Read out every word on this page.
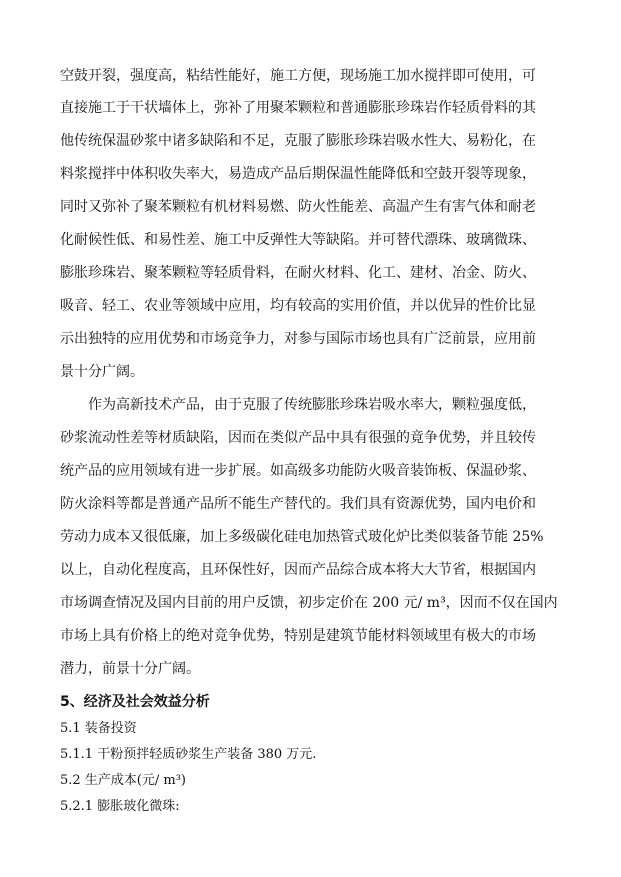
空鼓开裂，强度高，粘结性能好，施工方便，现场施工加水搅拌即可使用，可
直接施工于干状墙体上，弥补了用聚苯颗粒和普通膨胀珍珠岩作轻质骨料的其
他传统保温砂浆中诸多缺陷和不足，克服了膨胀珍珠岩吸水性大、易粉化，在
料浆搅拌中体积收失率大，易造成产品后期保温性能降低和空鼓开裂等现象，
同时又弥补了聚苯颗粒有机材料易燃、防火性能差、高温产生有害气体和耐老
化耐候性低、和易性差、施工中反弹性大等缺陷。并可替代漂珠、玻璃微珠、
膨胀珍珠岩、聚苯颗粒等轻质骨料，在耐火材料、化工、建材、冶金、防火、
吸音、轻工、农业等领域中应用，均有较高的实用价值，并以优异的性价比显
示出独特的应用优势和市场竞争力，对参与国际市场也具有广泛前景，应用前
景十分广阔。
作为高新技术产品，由于克服了传统膨胀珍珠岩吸水率大，颗粒强度低，
砂浆流动性差等材质缺陷，因而在类似产品中具有很强的竟争优势，并且较传
统产品的应用领域有进一步扩展。如高级多功能防火吸音装饰板、保温砂浆、
防火涂料等都是普通产品所不能生产替代的。我们具有资源优势，国内电价和
劳动力成本又很低廉，加上多级碳化硅电加热管式玻化炉比类似装备节能 25%
以上，自动化程度高，且环保性好，因而产品综合成本将大大节省，根据国内
市场调查情况及国内目前的用户反馈，初步定价在 200 元/ m³，因而不仅在国内
市场上具有价格上的绝对竞争优势，特别是建筑节能材料领域里有极大的市场
潜力，前景十分广阔。
5、经济及社会效益分析
5.1 装备投资
5.1.1 干粉预拌轻质砂浆生产装备 380 万元.
5.2 生产成本(元/ m³)
5.2.1 膨胀玻化微珠:
